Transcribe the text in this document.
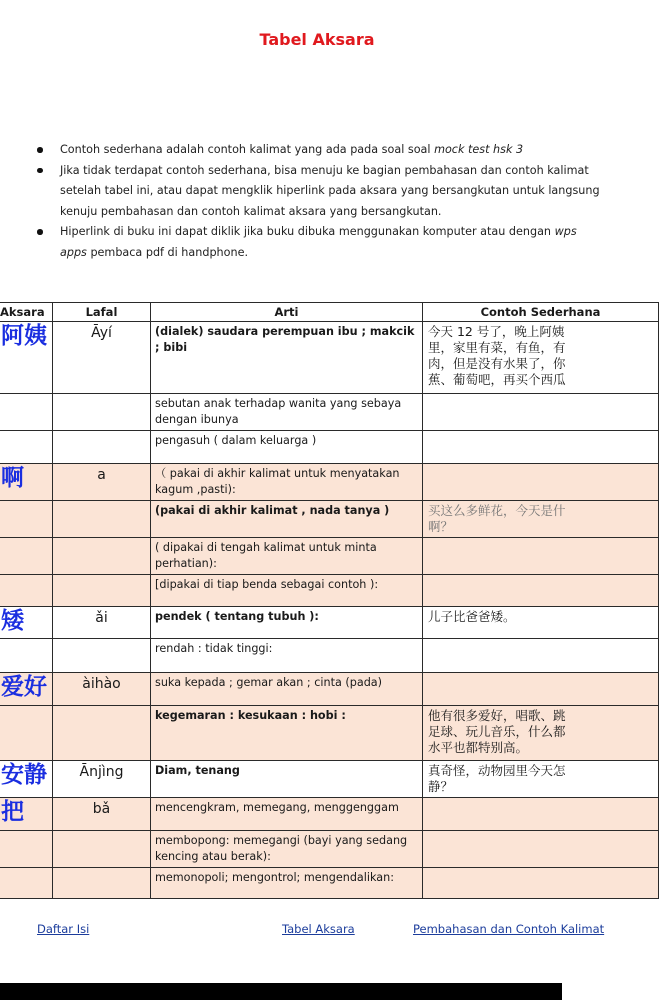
Tabel Aksara
Contoh sederhana adalah contoh kalimat yang ada pada soal soal mock test hsk 3
Jika tidak terdapat contoh sederhana, bisa menuju ke bagian pembahasan dan contoh kalimat
setelah tabel ini, atau dapat mengklik hiperlink pada aksara yang bersangkutan untuk langsung
kenuju pembahasan dan contoh kalimat aksara yang bersangkutan.
Hiperlink di buku ini dapat diklik jika buku dibuka menggunakan komputer atau dengan wps
apps pembaca pdf di handphone.
Aksara	Lafal	Arti	Contoh Sederhana
阿姨	Āyí	(dialek) saudara perempuan ibu ; makcik ; bibi	今天 12 号了，晚上阿姨
里，家里有菜，有鱼，有
肉，但是没有水果了，你
蕉、葡萄吧，再买个西瓜

		sebutan anak terhadap wanita yang sebaya dengan ibunya	
		pengasuh ( dalam keluarga )	
啊	a	（ pakai di akhir kalimat untuk menyatakan kagum ,pasti):	
		(pakai di akhir kalimat , nada tanya )	买这么多鲜花，今天是什
啊？

		( dipakai di tengah kalimat untuk minta perhatian):	
		[dipakai di tiap benda sebagai contoh ):	
矮	ǎi	pendek ( tentang tubuh ):	儿子比爸爸矮。

		rendah : tidak tinggi:	
爱好	àihào	suka kepada ; gemar akan ; cinta (pada)	
		kegemaran : kesukaan : hobi :	他有很多爱好，唱歌、跳
足球、玩儿音乐，什么都
水平也都特别高。

安静	Ānjìng	Diam, tenang	真奇怪，动物园里今天怎
静？

把	bǎ	mencengkram, memegang, menggenggam	
		membopong: memegangi (bayi yang sedang kencing atau berak):	
		memonopoli; mengontrol; mengendalikan:	
Daftar Isi	Tabel Aksara	Pembahasan dan Contoh Kalimat
